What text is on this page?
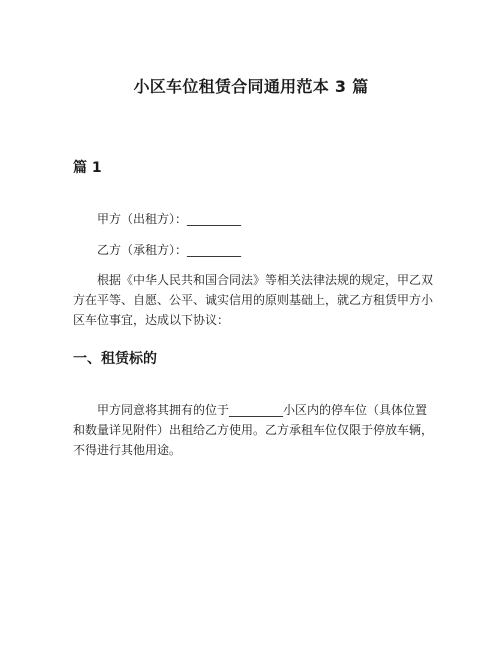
小区车位租赁合同通用范本 3 篇
篇 1

甲方（出租方）：_________

乙方（承租方）：_________

根据《中华人民共和国合同法》等相关法律法规的规定，甲乙双方在平等、自愿、公平、诚实信用的原则基础上，就乙方租赁甲方小区车位事宜，达成以下协议：

一、租赁标的

甲方同意将其拥有的位于_________小区内的停车位（具体位置和数量详见附件）出租给乙方使用。乙方承租车位仅限于停放车辆，不得进行其他用途。
